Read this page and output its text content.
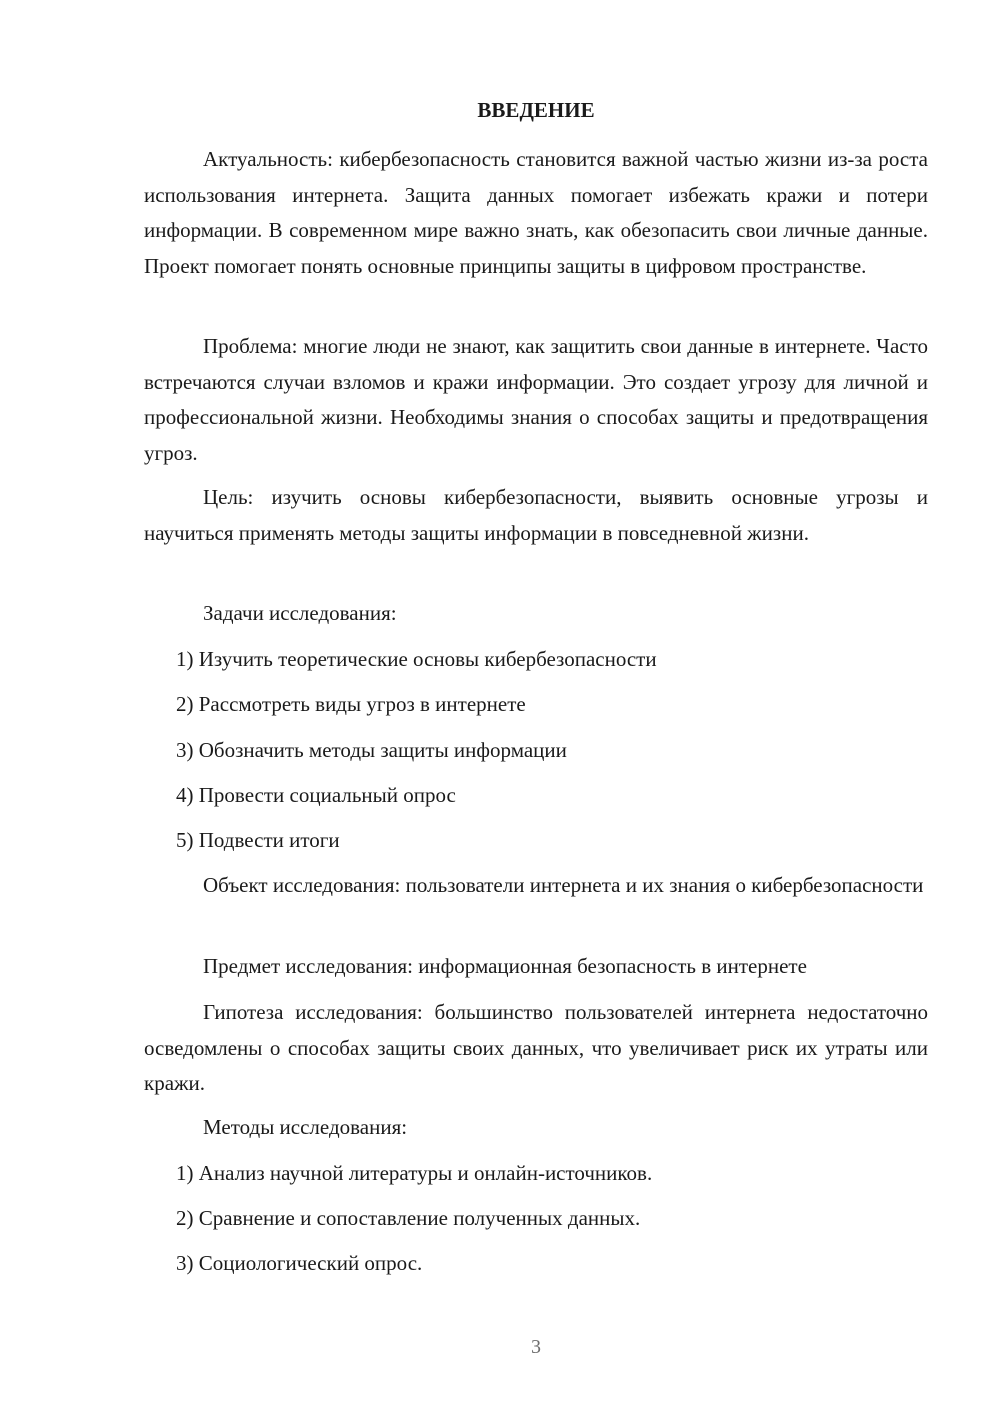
ВВЕДЕНИЕ

Актуальность: кибербезопасность становится важной частью жизни из-за роста использования интернета. Защита данных помогает избежать кражи и потери информации. В современном мире важно знать, как обезопасить свои личные данные. Проект помогает понять основные принципы защиты в цифровом пространстве.

Проблема: многие люди не знают, как защитить свои данные в интернете. Часто встречаются случаи взломов и кражи информации. Это создает угрозу для личной и профессиональной жизни. Необходимы знания о способах защиты и предотвращения угроз.

Цель: изучить основы кибербезопасности, выявить основные угрозы и научиться применять методы защиты информации в повседневной жизни.

Задачи исследования:

1) Изучить теоретические основы кибербезопасности

2) Рассмотреть виды угроз в интернете

3) Обозначить методы защиты информации

4) Провести социальный опрос

5) Подвести итоги

Объект исследования: пользователи интернета и их знания о кибербезопасности

Предмет исследования: информационная безопасность в интернете

Гипотеза исследования: большинство пользователей интернета недостаточно осведомлены о способах защиты своих данных, что увеличивает риск их утраты или кражи.

Методы исследования:

1) Анализ научной литературы и онлайн-источников.

2) Сравнение и сопоставление полученных данных.

3) Социологический опрос.

3
